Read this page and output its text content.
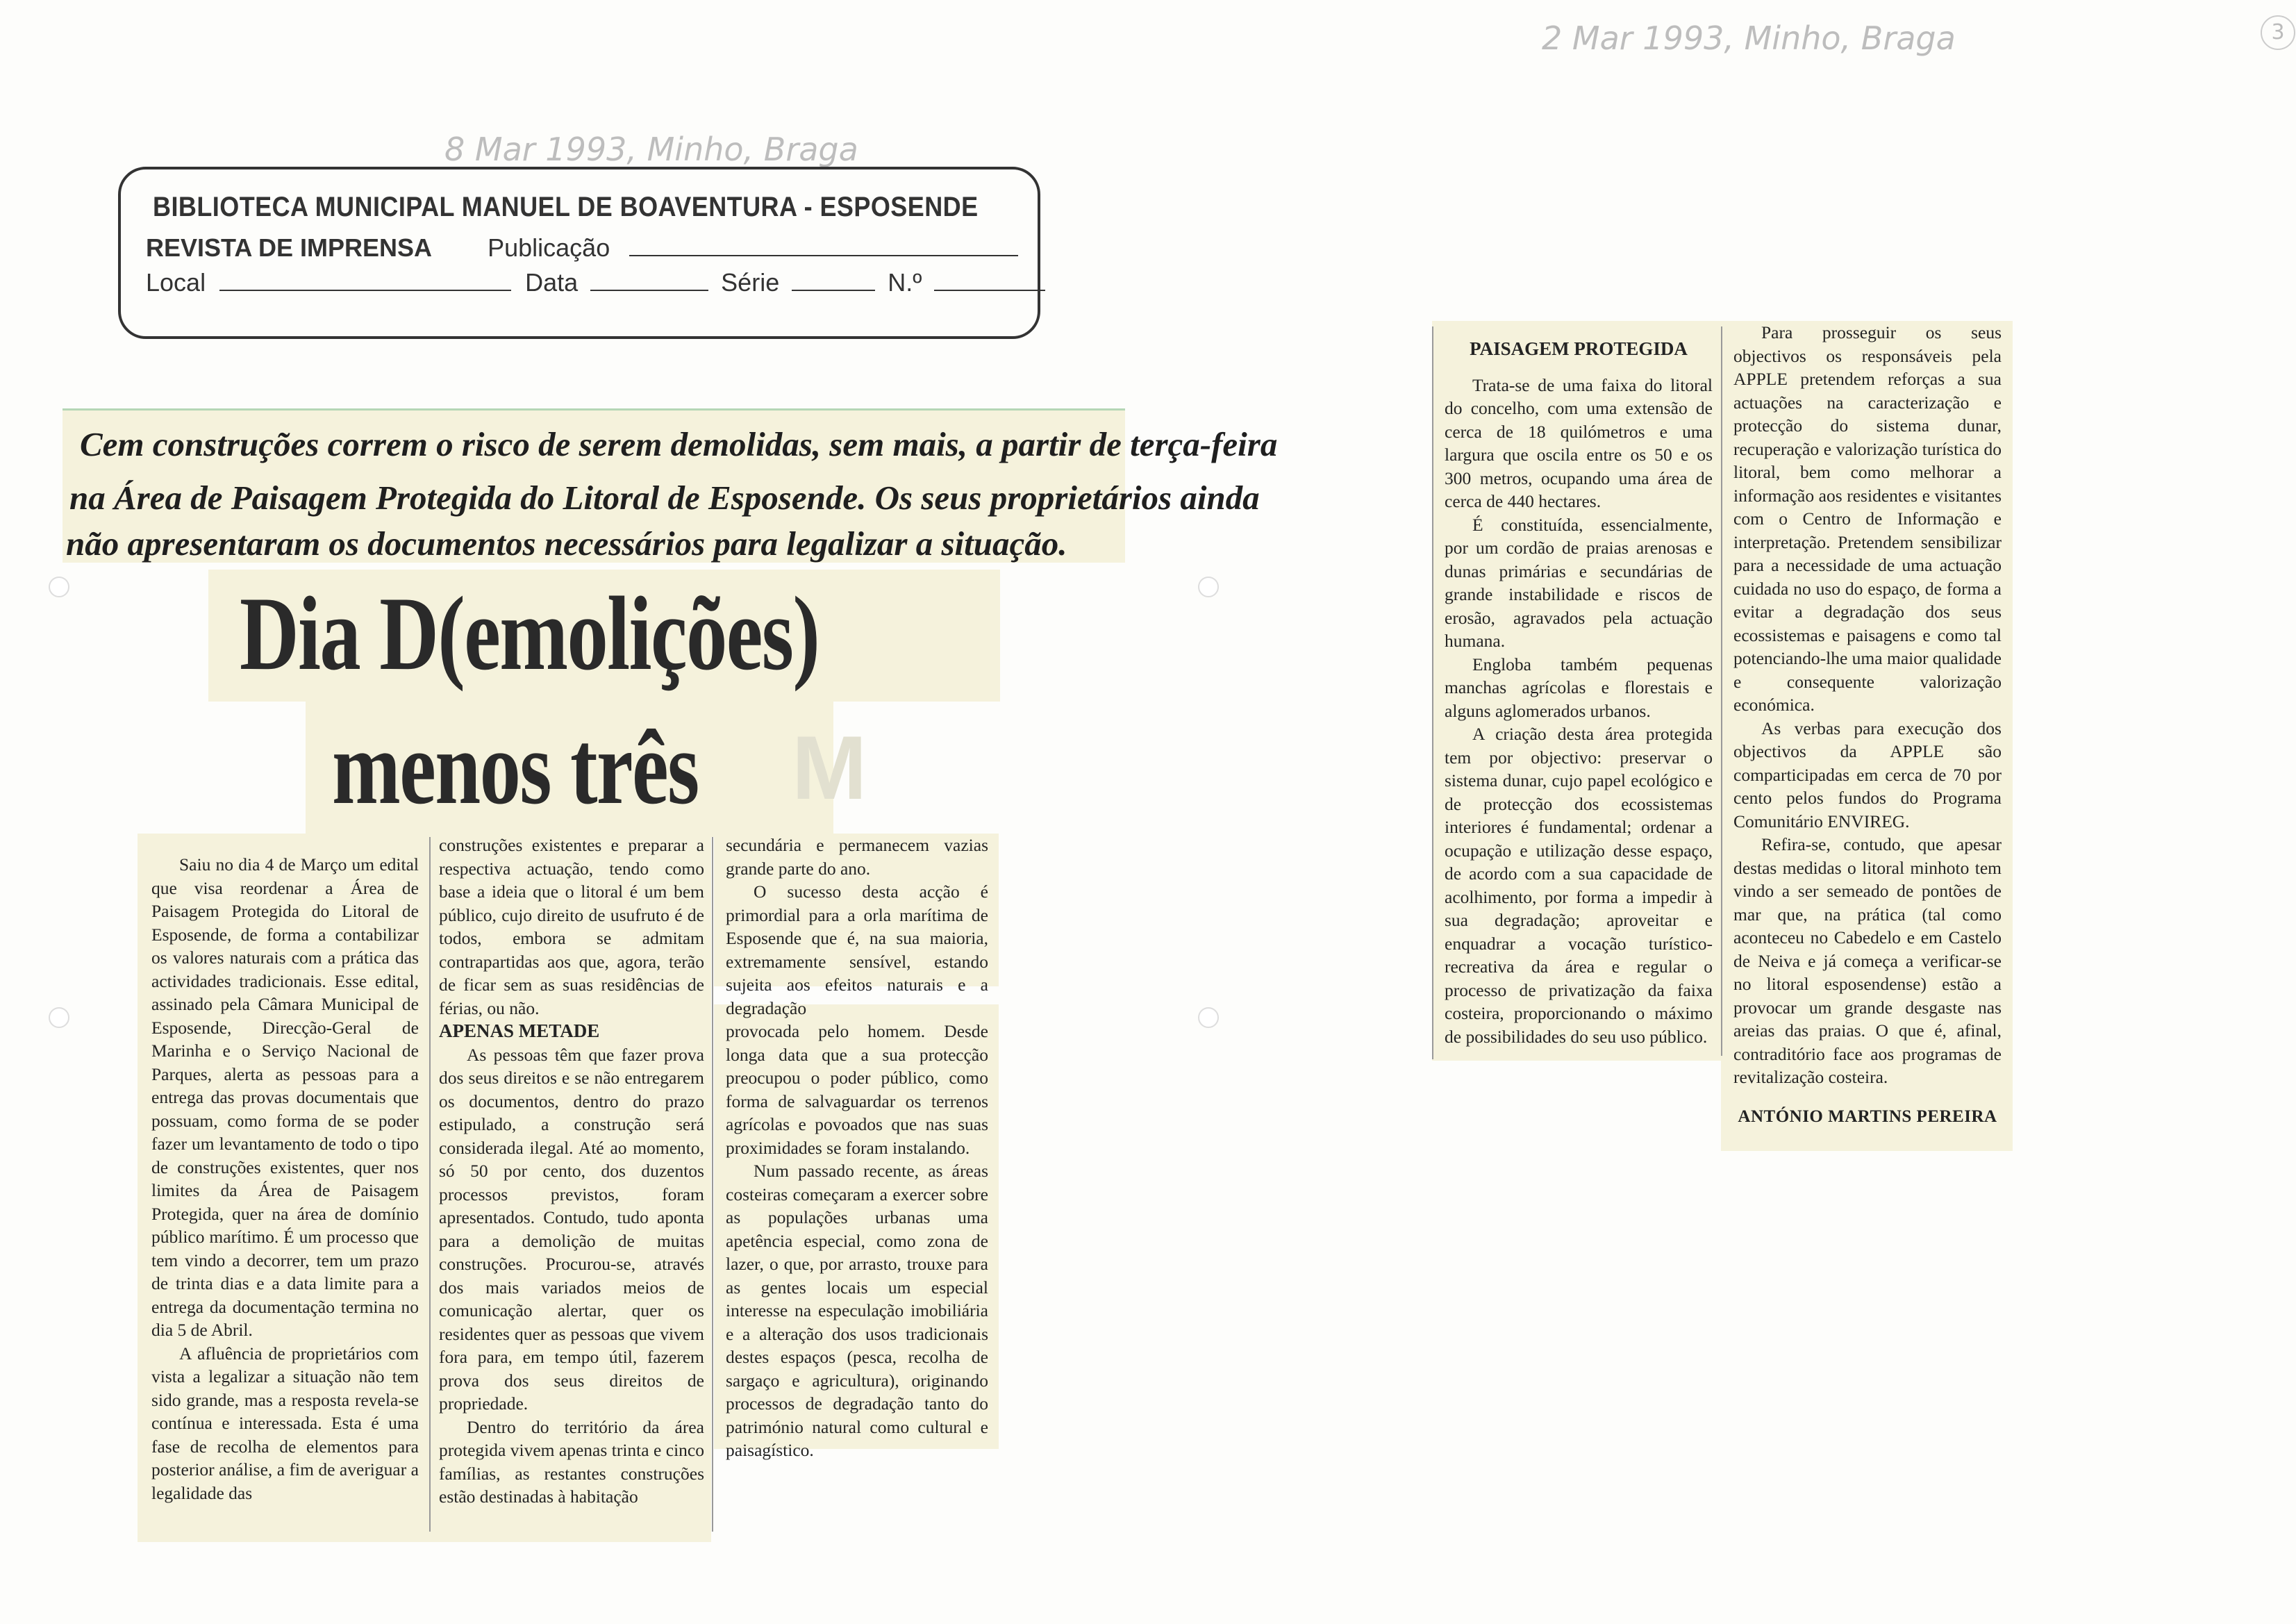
8 Mar 1993, Minho, Braga
2 Mar 1993, Minho, Braga	3
BIBLIOTECA MUNICIPAL MANUEL DE BOAVENTURA - ESPOSENDE
REVISTA DE IMPRENSA Publicação
Local	Data	Série	N.º
Cem construções correm o risco de serem demolidas, sem mais, a partir de terça-feira
na Área de Paisagem Protegida do Litoral de Esposende. Os seus proprietários ainda
não apresentaram os documentos necessários para legalizar a situação.
M
Dia D(emolições)
menos três

Saiu no dia 4 de Março um edital que visa reordenar a Área de Paisagem Protegida do Litoral de Esposende, de forma a contabilizar os valores naturais com a prática das actividades tradicionais. Esse edital, assinado pela Câmara Municipal de Esposende, Direcção-Geral de Marinha e o Serviço Nacional de Parques, alerta as pessoas para a entrega das provas documentais que possuam, como forma de se poder fazer um levantamento de todo o tipo de construções existentes, quer nos limites da Área de Paisagem Protegida, quer na área de domínio público marítimo. É um processo que tem vindo a decorrer, tem um prazo de trinta dias e a data limite para a entrega da documentação termina no dia 5 de Abril.

A afluência de proprietários com vista a legalizar a situação não tem sido grande, mas a resposta revela-se contínua e interessada. Esta é uma fase de recolha de elementos para posterior análise, a fim de averiguar a legalidade das

construções existentes e preparar a respectiva actuação, tendo como base a ideia que o litoral é um bem público, cujo direito de usufruto é de todos, embora se admitam contrapartidas aos que, agora, terão de ficar sem as suas residências de férias, ou não.

APENAS METADE

As pessoas têm que fazer prova dos seus direitos e se não entregarem os documentos, dentro do prazo estipulado, a construção será considerada ilegal. Até ao momento, só 50 por cento, dos duzentos processos previstos, foram apresentados. Contudo, tudo aponta para a demolição de muitas construções. Procurou-se, através dos mais variados meios de comunicação alertar, quer os residentes quer as pessoas que vivem fora para, em tempo útil, fazerem prova dos seus direitos de propriedade.

Dentro do território da área protegida vivem apenas trinta e cinco famílias, as restantes construções estão destinadas à habitação

secundária e permanecem vazias grande parte do ano.

O sucesso desta acção é primordial para a orla marítima de Esposende que é, na sua maioria, extremamente sensível, estando sujeita aos efeitos naturais e a degradação

provocada pelo homem. Desde longa data que a sua protecção preocupou o poder público, como forma de salvaguardar os terrenos agrícolas e povoados que nas suas proximidades se foram instalando.

Num passado recente, as áreas costeiras começaram a exercer sobre as populações urbanas uma apetência especial, como zona de lazer, o que, por arrasto, trouxe para as gentes locais um especial interesse na especulação imobiliária e a alteração dos usos tradicionais destes espaços (pesca, recolha de sargaço e agricultura), originando processos de degradação tanto do património natural como cultural e paisagístico.

PAISAGEM PROTEGIDA

Trata-se de uma faixa do litoral do concelho, com uma extensão de cerca de 18 quilómetros e uma largura que oscila entre os 50 e os 300 metros, ocupando uma área de cerca de 440 hectares.

É constituída, essencialmente, por um cordão de praias arenosas e dunas primárias e secundárias de grande instabilidade e riscos de erosão, agravados pela actuação humana.

Engloba também pequenas manchas agrícolas e florestais e alguns aglomerados urbanos.

A criação desta área protegida tem por objectivo: preservar o sistema dunar, cujo papel ecológico e de protecção dos ecossistemas interiores é fundamental; ordenar a ocupação e utilização desse espaço, de acordo com a sua capacidade de acolhimento, por forma a impedir à sua degradação; aproveitar e enquadrar a vocação turístico-recreativa da área e regular o processo de privatização da faixa costeira, proporcionando o máximo de possibilidades do seu uso público.

Para prosseguir os seus objectivos os responsáveis pela APPLE pretendem reforças a sua actuações na caracterização e protecção do sistema dunar, recuperação e valorização turística do litoral, bem como melhorar a informação aos residentes e visitantes com o Centro de Informação e interpretação. Pretendem sensibilizar para a necessidade de uma actuação cuidada no uso do espaço, de forma a evitar a degradação dos seus ecossistemas e paisagens e como tal potenciando-lhe uma maior qualidade e consequente valorização económica.

As verbas para execução dos objectivos da APPLE são comparticipadas em cerca de 70 por cento pelos fundos do Programa Comunitário ENVIREG.

Refira-se, contudo, que apesar destas medidas o litoral minhoto tem vindo a ser semeado de pontões de mar que, na prática (tal como aconteceu no Cabedelo e em Castelo de Neiva e já começa a verificar-se no litoral esposendense) estão a provocar um grande desgaste nas areias das praias. O que é, afinal, contraditório face aos programas de revitalização costeira.

ANTÓNIO MARTINS PEREIRA
